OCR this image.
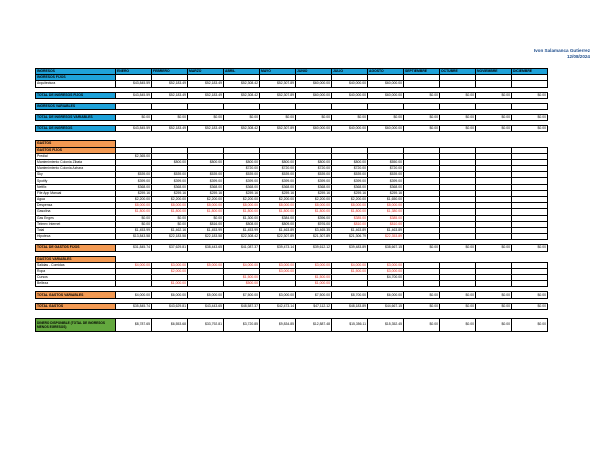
Ivon Salamanca Gutierrez
12/08/2024
INGRESOS	ENERO	FEBRERO	MARZO	ABRIL	MAYO	JUNIO	JULIO	AGOSTO	SEPTIEMBRE	OCTUBRE	NOVIEMBRE	DICIEMBRE
INGRESOS FIJOS												
Arquitectura	$43,845.59	$52,183.49	$52,183.49	$52,308.42	$52,307.89	$60,000.00	$40,000.00	$60,000.00				

TOTAL DE INGRESOS FIJOS	$43,845.59	$52,183.49	$52,183.49	$52,308.42	$52,307.89	$60,000.00	$40,000.00	$60,000.00	$0.00	$0.00	$0.00	$0.00

INGRESOS VARIABLES												

TOTAL DE INGRESOS VARIABLES	$0.00	$0.00	$0.00	$0.00	$0.00	$0.00	$0.00	$0.00	$0.00	$0.00	$0.00	$0.00

TOTAL DE INGRESOS	$43,845.59	$52,183.49	$52,183.49	$52,308.42	$52,307.89	$60,000.00	$40,000.00	$60,000.00	$0.00	$0.00	$0.00	$0.00

GASTOS												
GASTOS FIJOS												
Predial	$2,365.00											
Mantenimiento Colonia Zibata		$800.00	$800.00	$800.00	$800.00	$800.00	$800.00	$550.00				
Mantenimiento Colonia Azhara				$720.00	$720.00	$720.00	$720.00	$720.00				
Sky	$539.00	$539.00	$539.00	$539.00	$539.00	$539.00	$539.00	$539.00				
Spotify	$399.00	$399.00	$399.00	$399.00	$399.00	$399.00	$399.00	$399.00				
Netflix	$368.00	$368.00	$368.00	$368.00	$368.00	$368.00	$368.00	$368.00				
File App Manual	$259.16	$259.16	$259.16	$259.16	$259.16	$259.16	$259.16	$259.16				
Agua	$2,200.00	$2,200.00	$2,200.00	$2,200.00	$2,200.00	$2,200.00	$2,200.00	$1,650.00				
Despensa	$8,000.00	$8,000.00	$8,000.00	$8,000.00	$8,000.00	$8,000.00	$8,000.00	$8,000.00				
Gasolina	$1,800.00	$1,800.00	$1,800.00	$1,800.00	$1,800.00	$1,800.00	$1,800.00	$1,380.00				
Gas Enges	$0.00	$0.00	$0.00	$1,300.00	$384.00	$396.00	$385.00	$385.00				
Telmex Internet	$0.00	$0.00	$816.00	$808.00	$809.00	$976.00	$810.00	$810.00				
Total	$1,453.99	$1,462.16	$1,453.99	$1,453.99	$1,463.89	$3,465.35	$1,463.89	$1,463.89				
Hipoteca	$13,843.58	$22,183.58	$22,183.58	$22,308.42	$22,307.89	$21,307.89	$21,306.79	$22,353.89				

TOTAL DE GASTOS FIJOS	$31,845.74	$37,629.81	$38,443.65	$41,087.37	$39,473.14	$39,612.12	$39,483.89	$38,667.15	$0.00	$0.00	$0.00	$0.00

GASTOS VARIABLES												
Salidas - Comidas	$4,000.00	$3,000.00	$5,000.00	$4,000.00	$3,000.00	$3,000.00	$4,000.00	$3,000.00				
Ropa		$2,000.00			$3,000.00		$1,500.00	$3,000.00				
Cursos				$1,500.00		$1,500.00		$4,700.00				
Belleza		$1,000.00		$500.00		$1,000.00						

TOTAL GASTOS VARIABLES	$4,000.00	$6,000.00	$5,000.00	$7,500.00	$3,000.00	$7,500.00	$8,700.00	$6,000.00	$0.00	$0.00	$0.00	$0.00

TOTAL GASTOS	$35,845.74	$43,629.81	$43,443.65	$48,587.37	$42,473.14	$47,112.12	$48,183.89	$44,667.15	$0.00	$0.00	$0.00	$0.00

DINERO DISPONIBLE (TOTAL DE INGRESOS MENOS EGRESOS)	$8,787.65	$6,553.68	$33,792.81	$3,720.85	$9,834.85	$12,887.48	$15,356.11	$15,352.45	$0.00	$0.00	$0.00	$0.00
